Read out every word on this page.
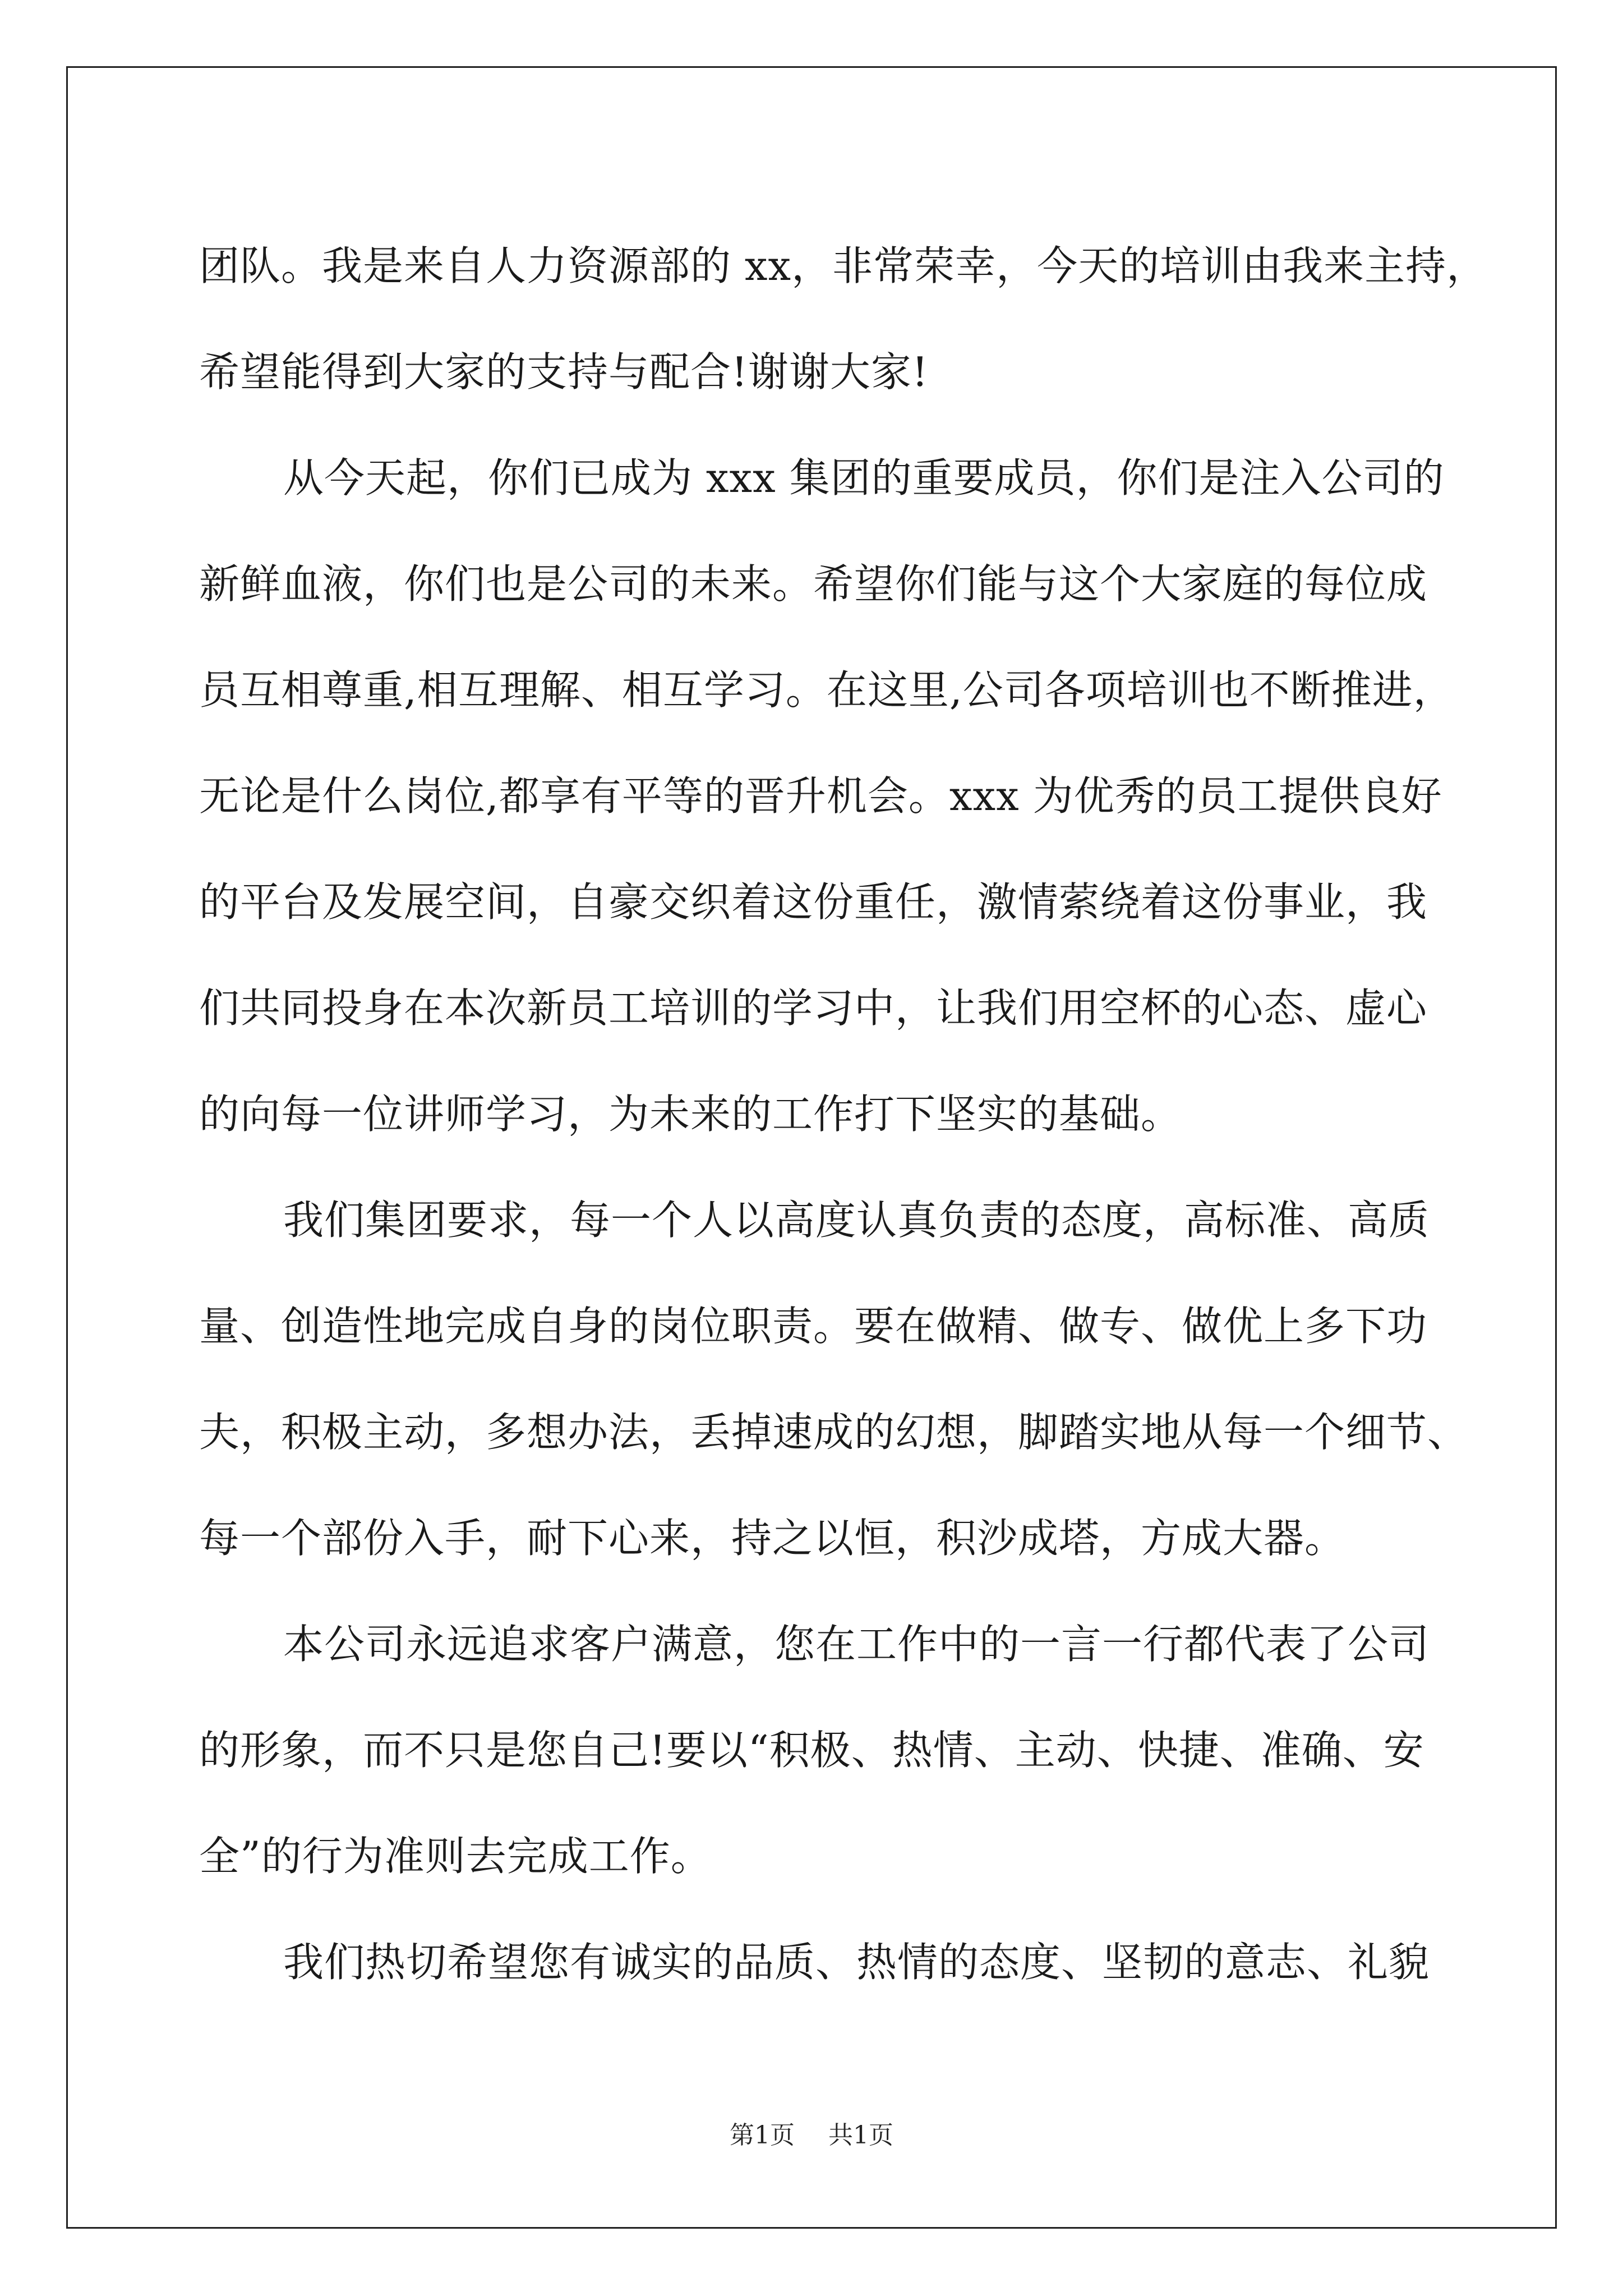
团队。我是来自人力资源部的 xx，非常荣幸，今天的培训由我来主持，
希望能得到大家的支持与配合!谢谢大家!
从今天起，你们已成为 xxx 集团的重要成员，你们是注入公司的
新鲜血液，你们也是公司的未来。希望你们能与这个大家庭的每位成
员互相尊重,相互理解、相互学习。在这里,公司各项培训也不断推进，
无论是什么岗位,都享有平等的晋升机会。xxx 为优秀的员工提供良好
的平台及发展空间，自豪交织着这份重任，激情萦绕着这份事业，我
们共同投身在本次新员工培训的学习中，让我们用空杯的心态、虚心
的向每一位讲师学习，为未来的工作打下坚实的基础。
我们集团要求，每一个人以高度认真负责的态度，高标准、高质
量、创造性地完成自身的岗位职责。要在做精、做专、做优上多下功
夫，积极主动，多想办法，丢掉速成的幻想，脚踏实地从每一个细节、
每一个部份入手，耐下心来，持之以恒，积沙成塔，方成大器。
本公司永远追求客户满意，您在工作中的一言一行都代表了公司
的形象，而不只是您自己!要以“积极、热情、主动、快捷、准确、安
全”的行为准则去完成工作。
我们热切希望您有诚实的品质、热情的态度、坚韧的意志、礼貌
第1页 共1页
